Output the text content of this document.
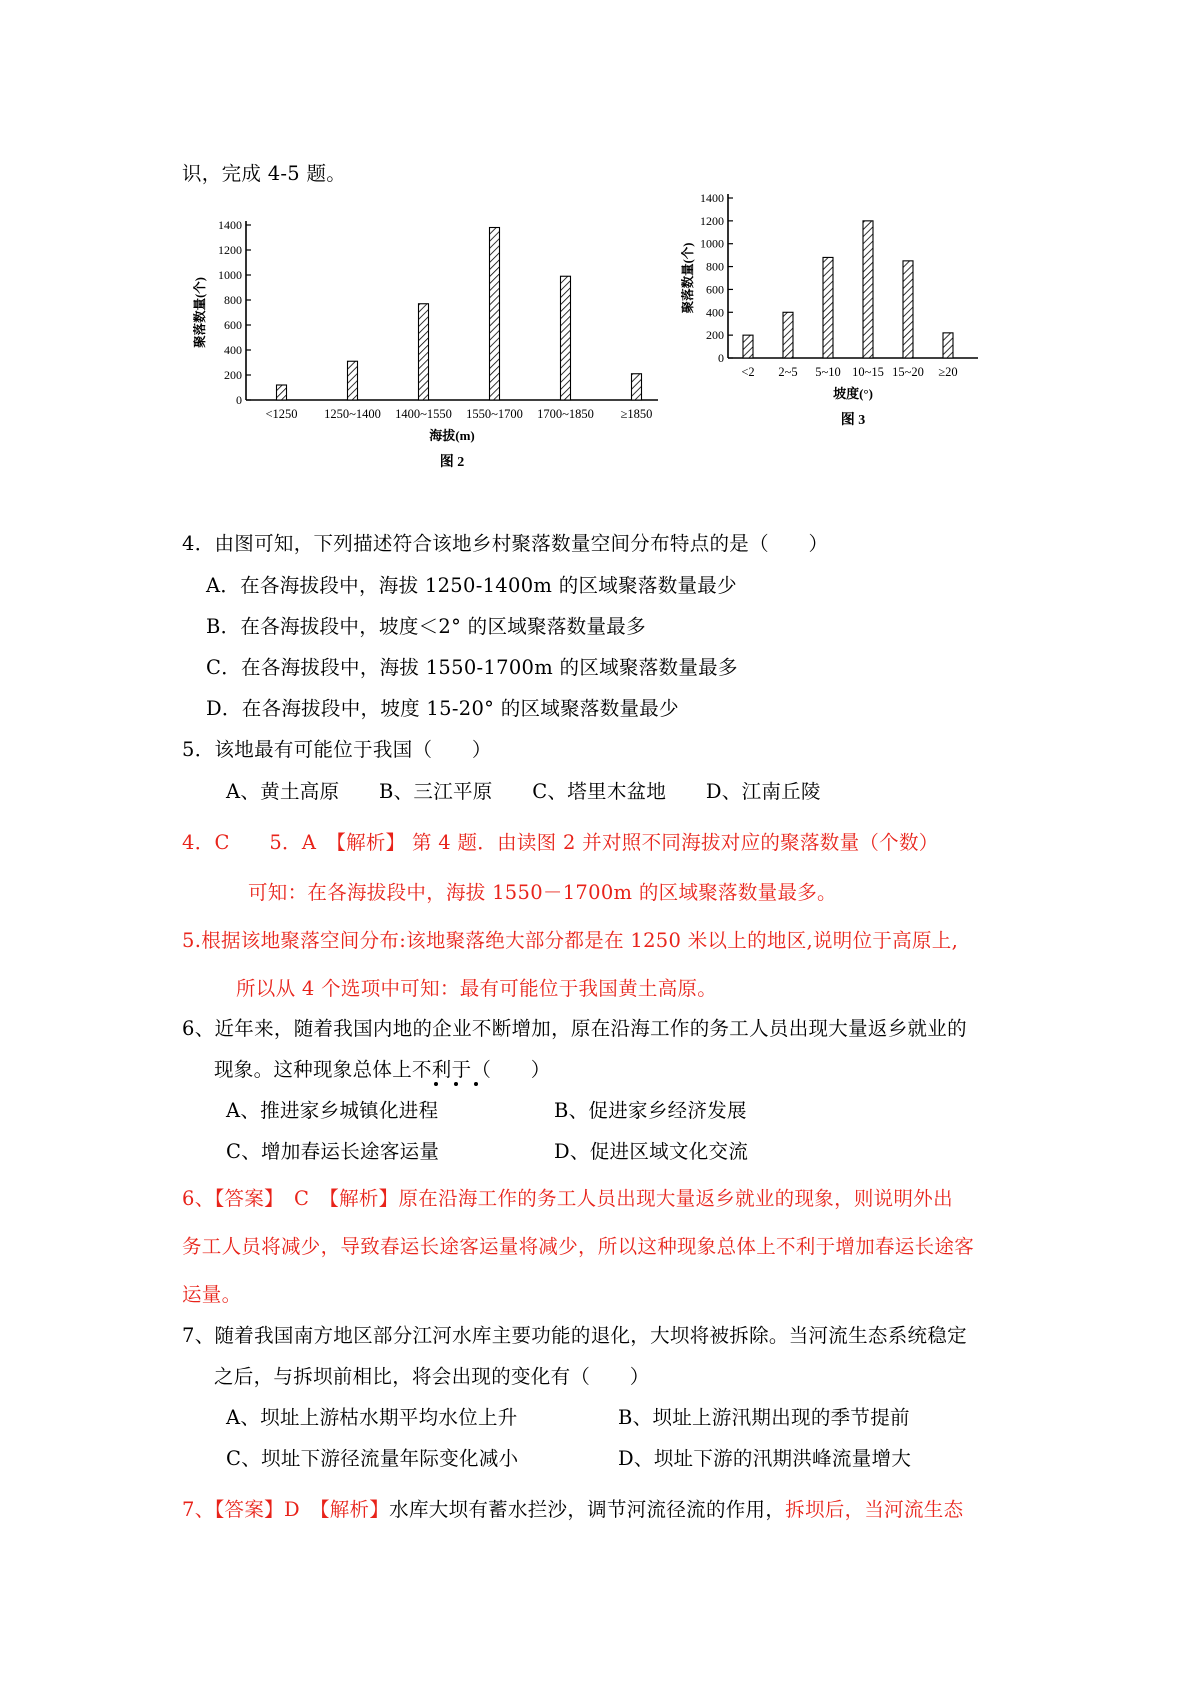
识，完成 4-5 题。
0
200
400
600
800
1000
1200
1400
<1250 1250~1400 1400~1550 1550~1700 1700~1850 ≥1850
聚落数量(个)
海拔(m)
图 2
0
200
400
600
800
1000
1200
1400
<2 2~5 5~10 10~15 15~20 ≥20
聚落数量(个)
坡度(°)
图 3
4．由图可知，下列描述符合该地乡村聚落数量空间分布特点的是（　　）
A．在各海拔段中，海拔 1250-1400m 的区域聚落数量最少
B．在各海拔段中，坡度＜2° 的区域聚落数量最多
C．在各海拔段中，海拔 1550-1700m 的区域聚落数量最多
D．在各海拔段中，坡度 15-20° 的区域聚落数量最少
5．该地最有可能位于我国（　　）
A、黄土高原　　B、三江平原　　C、塔里木盆地　　D、江南丘陵
4．C　　5．A　【解析】 第 4 题．由读图 2 并对照不同海拔对应的聚落数量（个数）
可知：在各海拔段中，海拔 1550－1700m 的区域聚落数量最多。
5.根据该地聚落空间分布:该地聚落绝大部分都是在 1250 米以上的地区,说明位于高原上,
所以从 4 个选项中可知：最有可能位于我国黄土高原。
6、近年来，随着我国内地的企业不断增加，原在沿海工作的务工人员出现大量返乡就业的
现象。这种现象总体上不利于（　　）
A、推进家乡城镇化进程	B、促进家乡经济发展
C、增加春运长途客运量	D、促进区域文化交流
6、【答案】　C　【解析】原在沿海工作的务工人员出现大量返乡就业的现象，则说明外出
务工人员将减少，导致春运长途客运量将减少，所以这种现象总体上不利于增加春运长途客
运量。
7、随着我国南方地区部分江河水库主要功能的退化，大坝将被拆除。当河流生态系统稳定
之后，与拆坝前相比，将会出现的变化有（　　）
A、坝址上游枯水期平均水位上升	B、坝址上游汛期出现的季节提前
C、坝址下游径流量年际变化减小	D、坝址下游的汛期洪峰流量增大
7、【答案】D　【解析】水库大坝有蓄水拦沙，调节河流径流的作用，拆坝后，当河流生态
